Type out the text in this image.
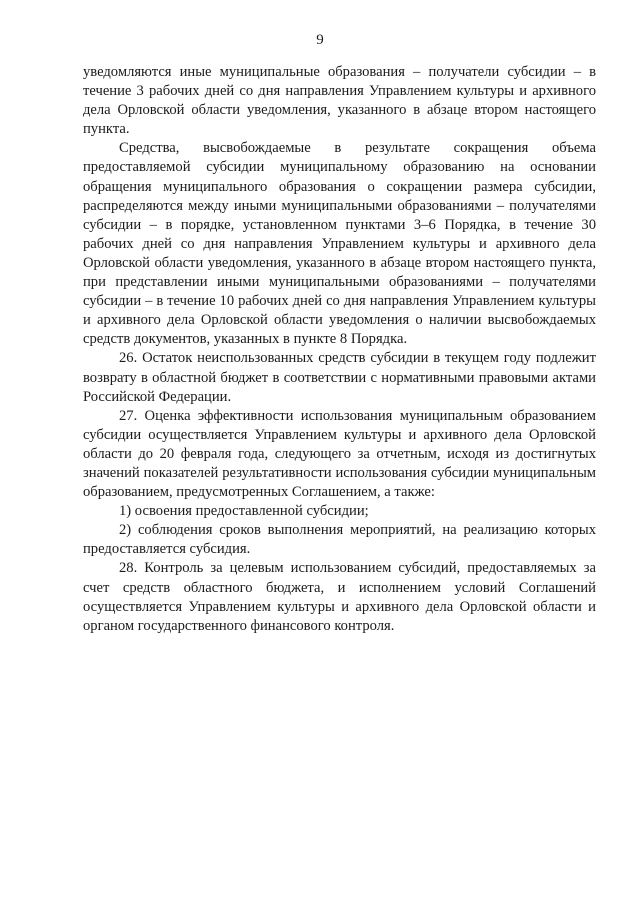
9

уведомляются иные муниципальные образования – получатели субсидии – в течение 3 рабочих дней со дня направления Управлением культуры и архивного дела Орловской области уведомления, указанного в абзаце втором настоящего пункта.

Средства, высвобождаемые в результате сокращения объема предоставляемой субсидии муниципальному образованию на основании обращения муниципального образования о сокращении размера субсидии, распределяются между иными муниципальными образованиями – получателями субсидии – в порядке, установленном пунктами 3–6 Порядка, в течение 30 рабочих дней со дня направления Управлением культуры и архивного дела Орловской области уведомления, указанного в абзаце втором настоящего пункта, при представлении иными муниципальными образованиями – получателями субсидии – в течение 10 рабочих дней со дня направления Управлением культуры и архивного дела Орловской области уведомления о наличии высвобождаемых средств документов, указанных в пункте 8 Порядка.

26. Остаток неиспользованных средств субсидии в текущем году подлежит возврату в областной бюджет в соответствии с нормативными правовыми актами Российской Федерации.

27. Оценка эффективности использования муниципальным образованием субсидии осуществляется Управлением культуры и архивного дела Орловской области до 20 февраля года, следующего за отчетным, исходя из достигнутых значений показателей результативности использования субсидии муниципальным образованием, предусмотренных Соглашением, а также:

1) освоения предоставленной субсидии;

2) соблюдения сроков выполнения мероприятий, на реализацию которых предоставляется субсидия.

28. Контроль за целевым использованием субсидий, предоставляемых за счет средств областного бюджета, и исполнением условий Соглашений осуществляется Управлением культуры и архивного дела Орловской области и органом государственного финансового контроля.
